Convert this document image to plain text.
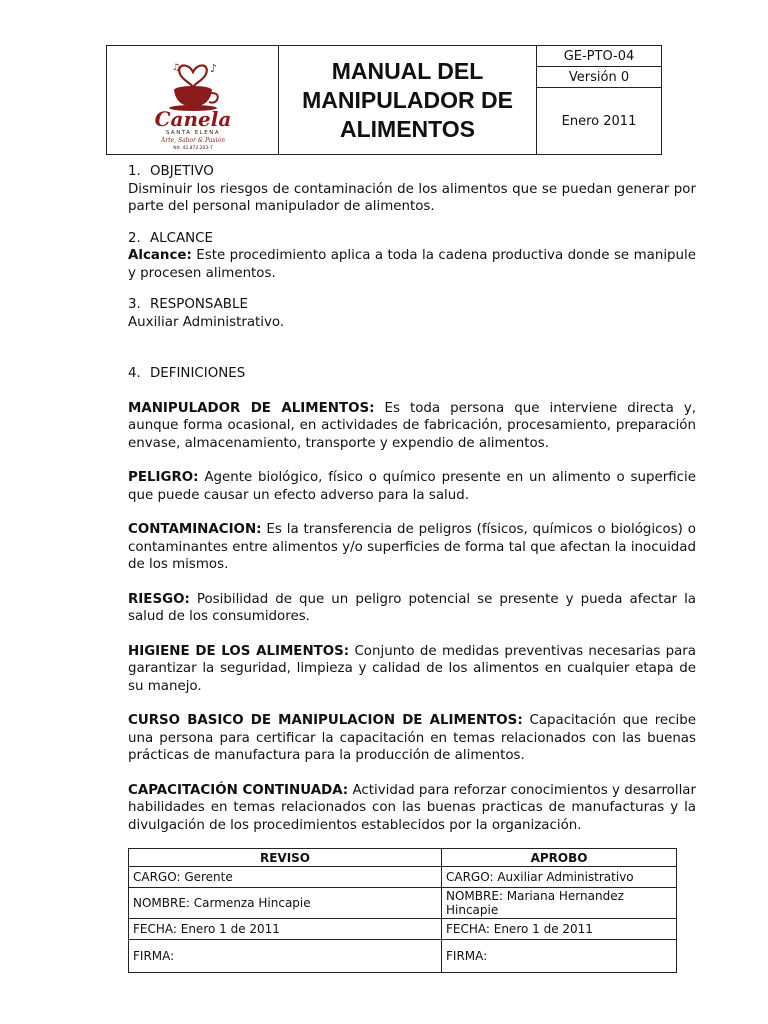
♪
♫
Canela
SANTA ELENA
Arte, Sabor & Pasión
Nit. 42.872.203-7
MANUAL DEL
MANIPULADOR DE
ALIMENTOS
GE-PTO-04
Versión 0
Enero 2011
1. OBJETIVO

Disminuir los riesgos de contaminación de los alimentos que se puedan generar por parte del personal manipulador de alimentos.

2. ALCANCE

Alcance: Este procedimiento aplica a toda la cadena productiva donde se manipule y procesen alimentos.

3. RESPONSABLE

Auxiliar Administrativo.

4. DEFINICIONES

MANIPULADOR DE ALIMENTOS: Es toda persona que interviene directa y, aunque forma ocasional, en actividades de fabricación, procesamiento, preparación envase, almacenamiento, transporte y expendio de alimentos.

PELIGRO: Agente biológico, físico o químico presente en un alimento o superficie que puede causar un efecto adverso para la salud.

CONTAMINACION: Es la transferencia de peligros (físicos, químicos o biológicos) o contaminantes entre alimentos y/o superficies de forma tal que afectan la inocuidad de los mismos.

RIESGO: Posibilidad de que un peligro potencial se presente y pueda afectar la salud de los consumidores.

HIGIENE DE LOS ALIMENTOS: Conjunto de medidas preventivas necesarias para garantizar la seguridad, limpieza y calidad de los alimentos en cualquier etapa de su manejo.

CURSO BASICO DE MANIPULACION DE ALIMENTOS: Capacitación que recibe una persona para certificar la capacitación en temas relacionados con las buenas prácticas de manufactura para la producción de alimentos.

CAPACITACIÓN CONTINUADA: Actividad para reforzar conocimientos y desarrollar habilidades en temas relacionados con las buenas practicas de manufacturas y la divulgación de los procedimientos establecidos por la organización.

REVISO	APROBO
CARGO: Gerente	CARGO: Auxiliar Administrativo
NOMBRE: Carmenza Hincapie	NOMBRE: Mariana Hernandez Hincapie
FECHA: Enero 1 de 2011	FECHA: Enero 1 de 2011
FIRMA:	FIRMA:
